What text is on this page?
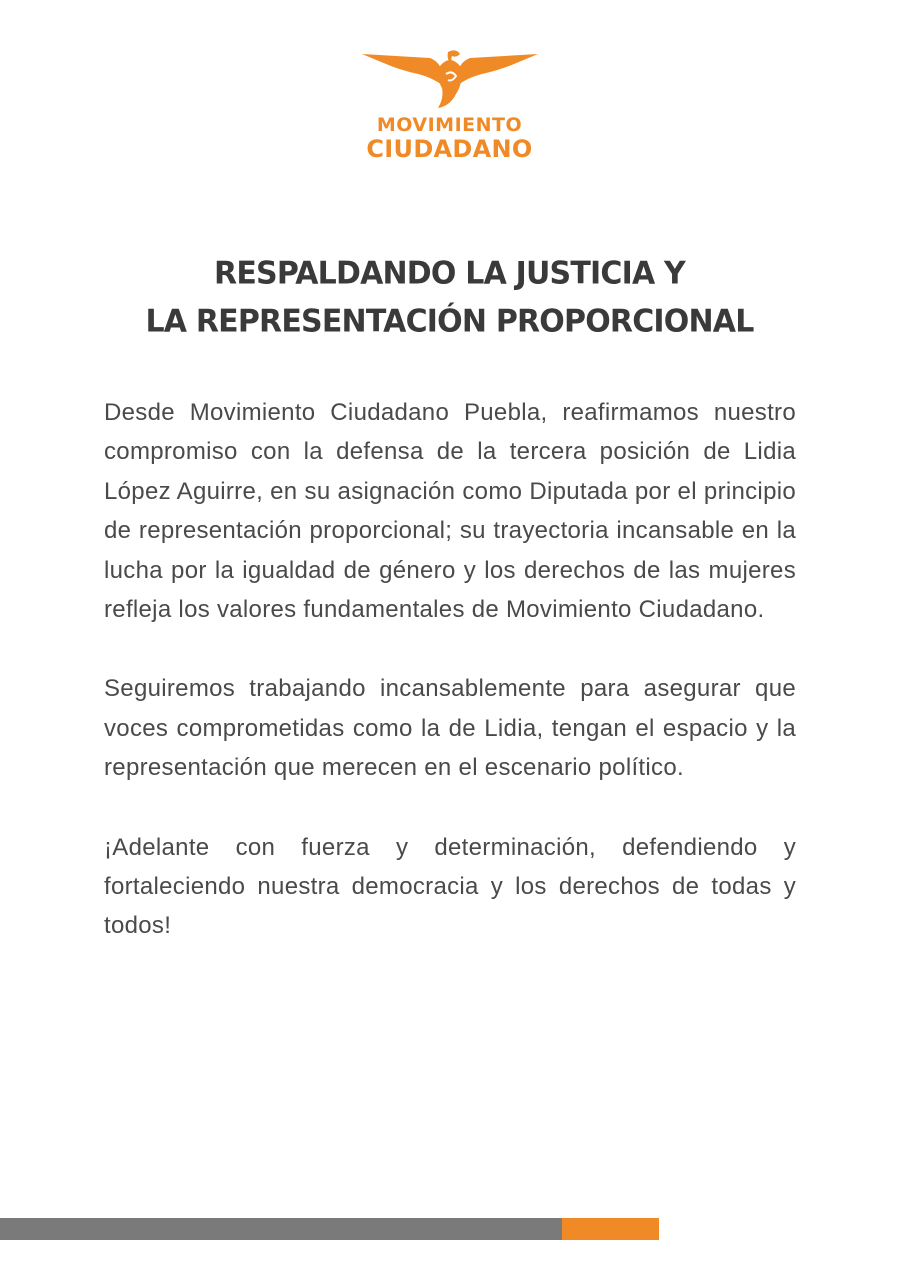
MOVIMIENTO
CIUDADANO
RESPALDANDO LA JUSTICIA Y
LA REPRESENTACIÓN PROPORCIONAL

Desde Movimiento Ciudadano Puebla, reafirmamos nuestro compromiso con la defensa de la tercera posición de Lidia López Aguirre, en su asignación como Diputada por el principio de representación proporcional; su trayectoria incansable en la lucha por la igualdad de género y los derechos de las mujeres refleja los valores fundamentales de Movimiento Ciudadano.

Seguiremos trabajando incansablemente para asegurar que voces comprometidas como la de Lidia, tengan el espacio y la representación que merecen en el escenario político.

¡Adelante con fuerza y determinación, defendiendo y fortaleciendo nuestra democracia y los derechos de todas y todos!
